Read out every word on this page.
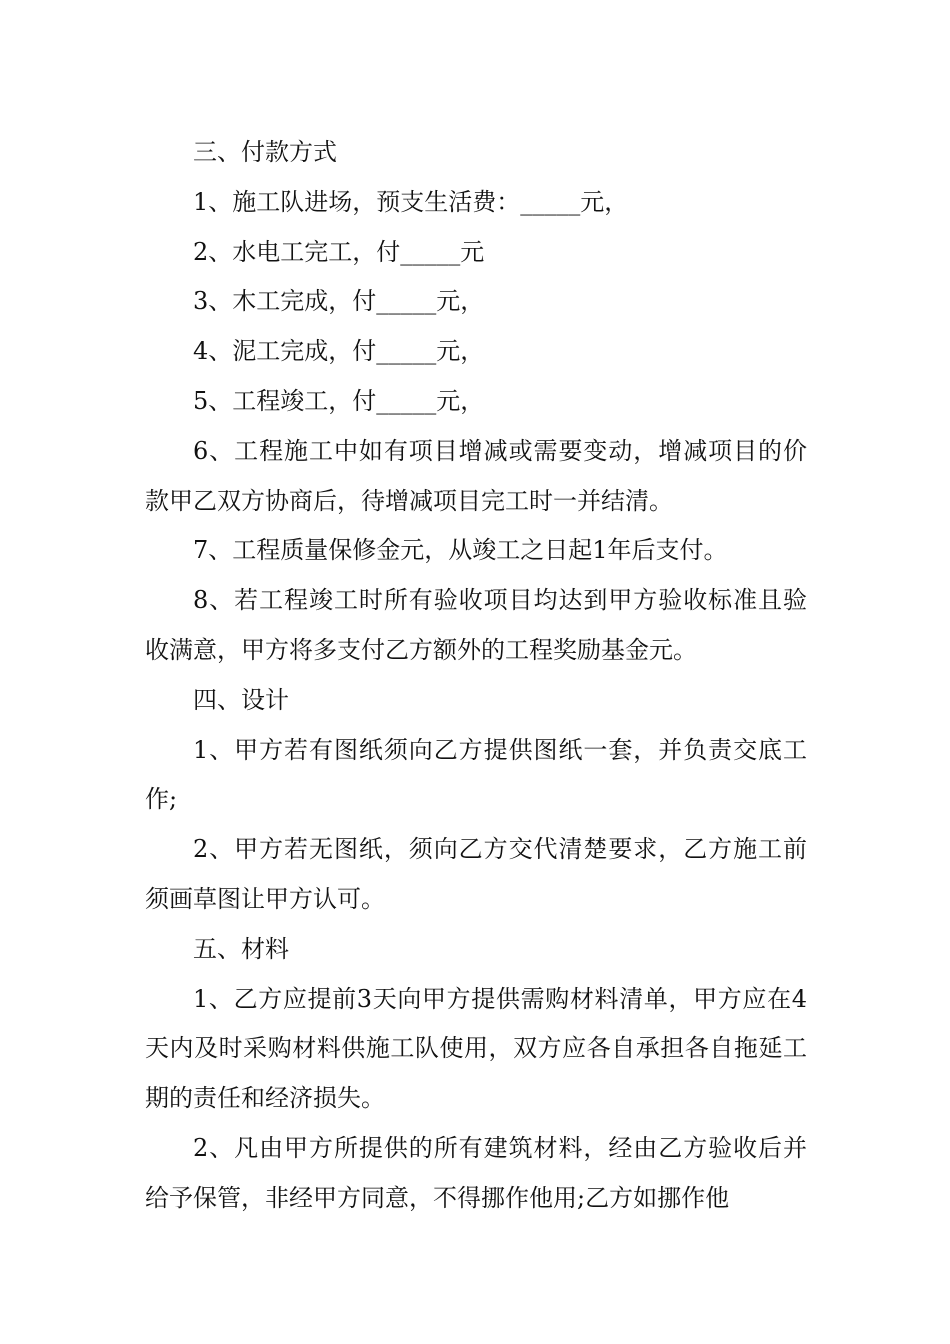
三、付款方式

1、施工队进场，预支生活费：_____元，

2、水电工完工，付_____元

3、木工完成，付_____元，

4、泥工完成，付_____元，

5、工程竣工，付_____元，

6、工程施工中如有项目增减或需要变动，增减项目的价款甲乙双方协商后，待增减项目完工时一并结清。

7、工程质量保修金元，从竣工之日起1年后支付。

8、若工程竣工时所有验收项目均达到甲方验收标准且验收满意，甲方将多支付乙方额外的工程奖励基金元。

四、设计

1、甲方若有图纸须向乙方提供图纸一套，并负责交底工作;

2、甲方若无图纸，须向乙方交代清楚要求，乙方施工前须画草图让甲方认可。

五、材料

1、乙方应提前3天向甲方提供需购材料清单，甲方应在4天内及时采购材料供施工队使用，双方应各自承担各自拖延工期的责任和经济损失。

2、凡由甲方所提供的所有建筑材料，经由乙方验收后并给予保管，非经甲方同意，不得挪作他用;乙方如挪作他
